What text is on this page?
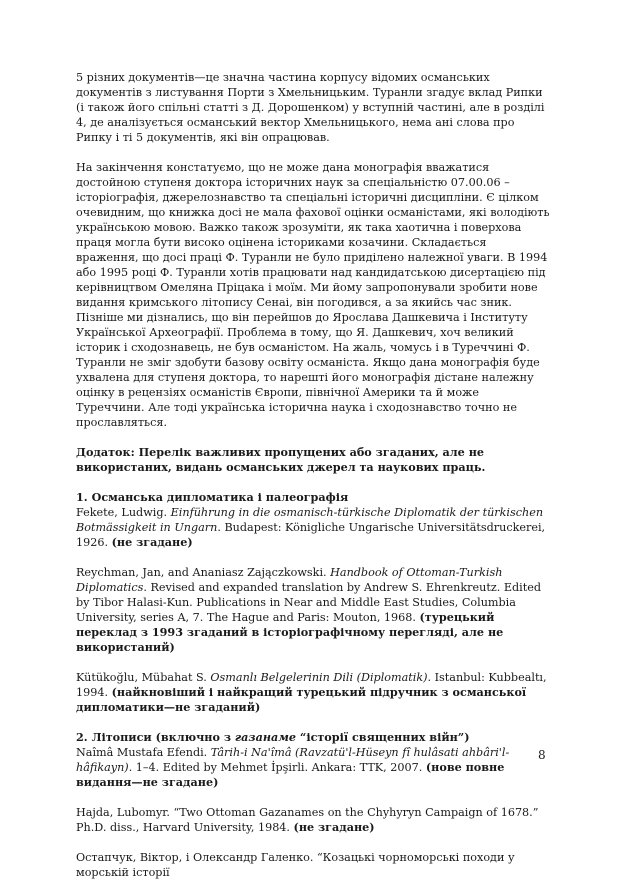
5 різних документів—це значна частина корпусу відомих османських документів з листування Порти з Хмельницьким. Туранли згадує вклад Рипки (і також його спільні статті з Д. Дорошенком) у вступній частині, але в розділі 4, де аналізується османський вектор Хмельницького, нема ані слова про Рипку і ті 5 документів, які він опрацював.

На закінчення констатуємо, що не може дана монографія вважатися достойною ступеня доктора історичних наук за спеціальністю 07.00.06 – історіографія, джерелознавство та спеціальні історичні дисципліни. Є цілком очевидним, що книжка досі не мала фахової оцінки османістами, які володіють українською мовою. Важко також зрозуміти, як така хаотична і поверхова праця могла бути високо оцінена історикaми козачини. Складається враження, що досі праці Ф. Туранли не було приділено належної уваги. В 1994 або 1995 році Ф. Туранли хотів працювати над кандидатською дисертацією під керівництвом Омеляна Пріцака і моїм. Ми йому запропонували зробити нове видання кримського літопису Сенаі, він погодився, а за якийсь час зник. Пізніше ми дізнались, що він перейшов до Ярослава Дашкевича і Інституту Української Археографії. Проблема в тому, що Я. Дашкевич, хоч великий історик і сходознавець, не був османістом. На жаль, чомусь і в Туреччині Ф. Туранли не зміг здобути базову освіту османіста. Якщо дана монографія буде ухвалена для ступеня доктора, то нарешті його монографія дістане належну оцінку в рецензіях османістів Європи, північної Америки та й може Туреччини. Але тоді українська історична наука і сходознавство точно не прославляться.

Додаток: Перелік важливих пропущених або згаданих, але не використаних, видань османських джерел та наукових праць.

1. Османська дипломатика і палеографія
Fekete, Ludwig. Einführung in die osmanisch-türkische Diplomatik der türkischen Botmässigkeit in Ungarn. Budapest: Königliche Ungarische Universitätsdruckerei, 1926. (не згадане)

Reychman, Jan, and Ananiasz Zajączkowski. Handbook of Ottoman-Turkish Diplomatics. Revised and expanded translation by Andrew S. Ehrenkreutz. Edited by Tibor Halasi-Kun. Publications in Near and Middle East Studies, Columbia University, series A, 7. The Hague and Paris: Mouton, 1968. (турецький переклад з 1993 згаданий в історіографічному перегляді, але не використаний)

Kütükoğlu, Mübahat S. Osmanlı Belgelerinin Dili (Diplomatik). Istanbul: Kubbealtı, 1994. (найкновіший і найкращий турецький підручник з османської дипломатики—не згаданий)

2. Літописи (включно з газанаме “історії священних війн”)
Naîmâ Mustafa Efendi. Târih-i Na'îmâ (Ravzatü'l-Hüseyn fî hulâsati ahbâri'l-hâfikayn). 1–4. Edited by Mehmet İpşirli. Ankara: TTK, 2007. (нове повне видання—не згадане)

Hajda, Lubomyr. “Two Ottoman Gazanames on the Chyhyryn Campaign of 1678.” Ph.D. diss., Harvard University, 1984. (не згадане)

Остапчук, Віктор, і Олександр Галенко. “Козацькі чорноморські походи у морській історії

8
